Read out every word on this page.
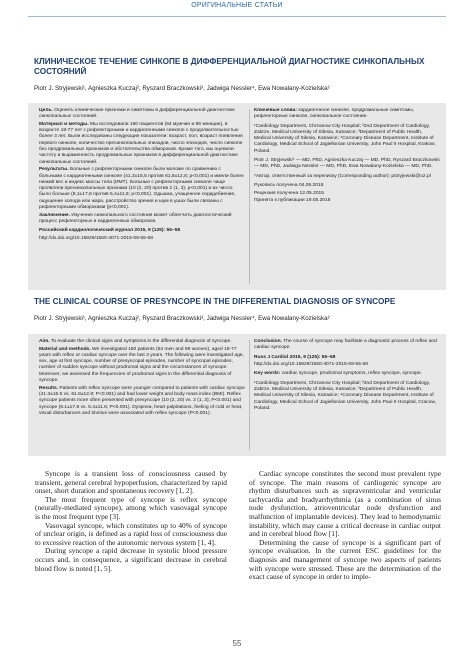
ОРИГИНАЛЬНЫЕ СТАТЬИ
КЛИНИЧЕСКОЕ ТЕЧЕНИЕ СИНКОПЕ В ДИФФЕРЕНЦИАЛЬНОЙ ДИАГНОСТИКЕ СИНКОПАЛЬНЫХ СОСТОЯНИЙ
Piotr J. Stryjewski¹, Agnieszka Kuczaj², Ryszard Braczkowski³, Jadwiga Nessler⁴, Ewa Nowalany-Kozielska²

Цель. Оценить клинические признаки и симптомы в дифференциальной диагностике синкопальных состояний.

Материал и методы. Мы исследовали 160 пациентов (64 мужчин и 96 женщин), в возрасте 18-77 лет с рефлекторными и кардиогенными синкопе с продолжительностью более 3 лет. Были исследованы следующие показатели: возраст, пол, возраст появления первого синкопе, количество пресинкопальных эпизодов, число эпизодов, число синкопе без продромальных признаков и обстоятельства обмороков. Кроме того, мы оценили частоту и выраженность продромальных признаков в дифференциальной диагностике синкопальных состояний.

Результаты. Больные с рефлекторными синкопе были моложе по сравнению с больными с кардиогенными синкопе (41,3±16,5 против 61,8±12,8; p<0,001) и имели более низкий вес и индекс массы тела (ИМТ). Больные с рефлекторными синкопе чаще проявляли пресинкопальные признаки (10 (2, 20) против 2 (1, 3); p<0,001) и их число было больше (8,1±17,8 против 5,4±11,6; p<0,001). Одышка, учащенное сердцебиение, ощущение холода или жара, расстройство зрения и шум в ушах были связаны с рефлекторными обмороками (p<0,001).

Заключение. Изучение синкопального состояния может облегчить диагностический процесс рефлекторных и кардиогенных обмороков.

Российский кардиологический журнал 2015, 9 (125): 55–58

http://dx.doi.org/10.15829/1560-4071-2015-09-55-58

Ключевые слова: кардиогенное синкопе, продромальные симптомы, рефлекторные синкопе, синкопальное состояние.

¹Cardiology Department, Chrzanow City Hospital; ²2nd Department of Cardiology, Zabrze, Medical University of Silesia, Katowice; ³Department of Public Health, Medical University of Silesia, Katowice; ⁴Coronary Disease Department, Institute of Cardiology, Medical School of Jagiellonian University, John Paul II Hospital, Krakow, Poland.

Piotr J. Stryjewski* — MD, PhD, Agnieszka Kuczaj — MD, PhD, Ryszard Braczkowski — MD, PhD, Jadwiga Nessler — MD, PhD, Ewa Nowalany-Kozielska — MD, PhD.

*Автор, ответственный за переписку (Corresponding author): pstryjewski@o2.pl

Рукопись получена 04.05.2015

Рецензия получена 12.05.2015

Принята к публикации 19.05.2015

THE CLINICAL COURSE OF PRESYNCOPE IN THE DIFFERENTIAL DIAGNOSIS OF SYNCOPE
Piotr J. Stryjewski¹, Agnieszka Kuczaj², Ryszard Braczkowski³, Jadwiga Nessler⁴, Ewa Nowalany-Kozielska²

Aim. To evaluate the clinical signs and symptoms in the differential diagnosis of syncope.

Material and methods. We investigated 160 patients (64 men and 96 women), aged 18-77 years with reflex or cardiac syncope over the last 3 years. The following were investigated age, sex, age at first syncope, number of presyncopal episodes, number of syncopal episodes, number of sudden syncope without prodromal signs and the circumstances of syncope. Moreover, we assessed the frequencies of prodromal signs in the differential diagnosis of syncope.

Results. Patients with reflex syncope were younger compared to patients with cardiac syncope (41.3±16.5 vs. 61.8±12.8; P<0.001) and had lower weight and body mass index (BMI). Reflex syncope patients more often presented with presyncope (10 (2, 20) vs. 2 (1, 3); P<0.001) and syncope (8.1±17.8 vs. 5.4±11.6; P<0.001). Dyspnea, heart palpitations, feeling of cold or heat, visual disturbances and tinnitus were associated with reflex syncope (P<0.001).

Conclusion. The course of syncope may facilitate a diagnostic process of reflex and cardiac syncope.

Russ J Cardiol 2015, 9 (125): 55–58

http://dx.doi.org/10.15829/1560-4071-2015-09-55-58

Key words: cardiac syncope, prodromal symptoms, reflex syncope, syncope.

¹Cardiology Department, Chrzanow City Hospital; ²2nd Department of Cardiology, Zabrze, Medical University of Silesia, Katowice; ³Department of Public Health, Medical University of Silesia, Katowice; ⁴Coronary Disease Department, Institute of Cardiology, Medical School of Jagiellonian University, John Paul II Hospital, Cracow, Poland.

Syncope is a transient loss of consciousness caused by transient, general cerebral hypoperfusion, characterized by rapid onset, short duration and spontaneous recovery [1, 2].

The most frequent type of syncope is reflex syncope (neurally-mediated syncope), among which vasovagal syncope is the most frequent type [3].

Vasovagal syncope, which constitutes up to 40% of syncope of unclear origin, is defined as a rapid loss of consciousness due to excessive reaction of the autonomic nervous system [1, 4].

During syncope a rapid decrease in systolic blood pressure occurs and, in consequence, a significant decrease in cerebral blood flow is noted [1, 5].

Cardiac syncope constitutes the second most prevalent type of syncope. The main reasons of cardiogenic syncope are rhythm disturbances such as supraventricular and ventricular tachycardia and bradyarrhythmia (as a combination of sinus node dysfunction, atrioventricular node dysfunction and malfunction of implantable devices). They lead to hemodynamic instability, which may cause a critical decrease in cardiac output and in cerebral blood flow [1].

Determining the cause of syncope is a significant part of syncope evaluation. In the current ESC guidelines for the diagnosis and management of syncope two aspects of patients with syncope were stressed. These are the determination of the exact cause of syncope in order to imple-

55
